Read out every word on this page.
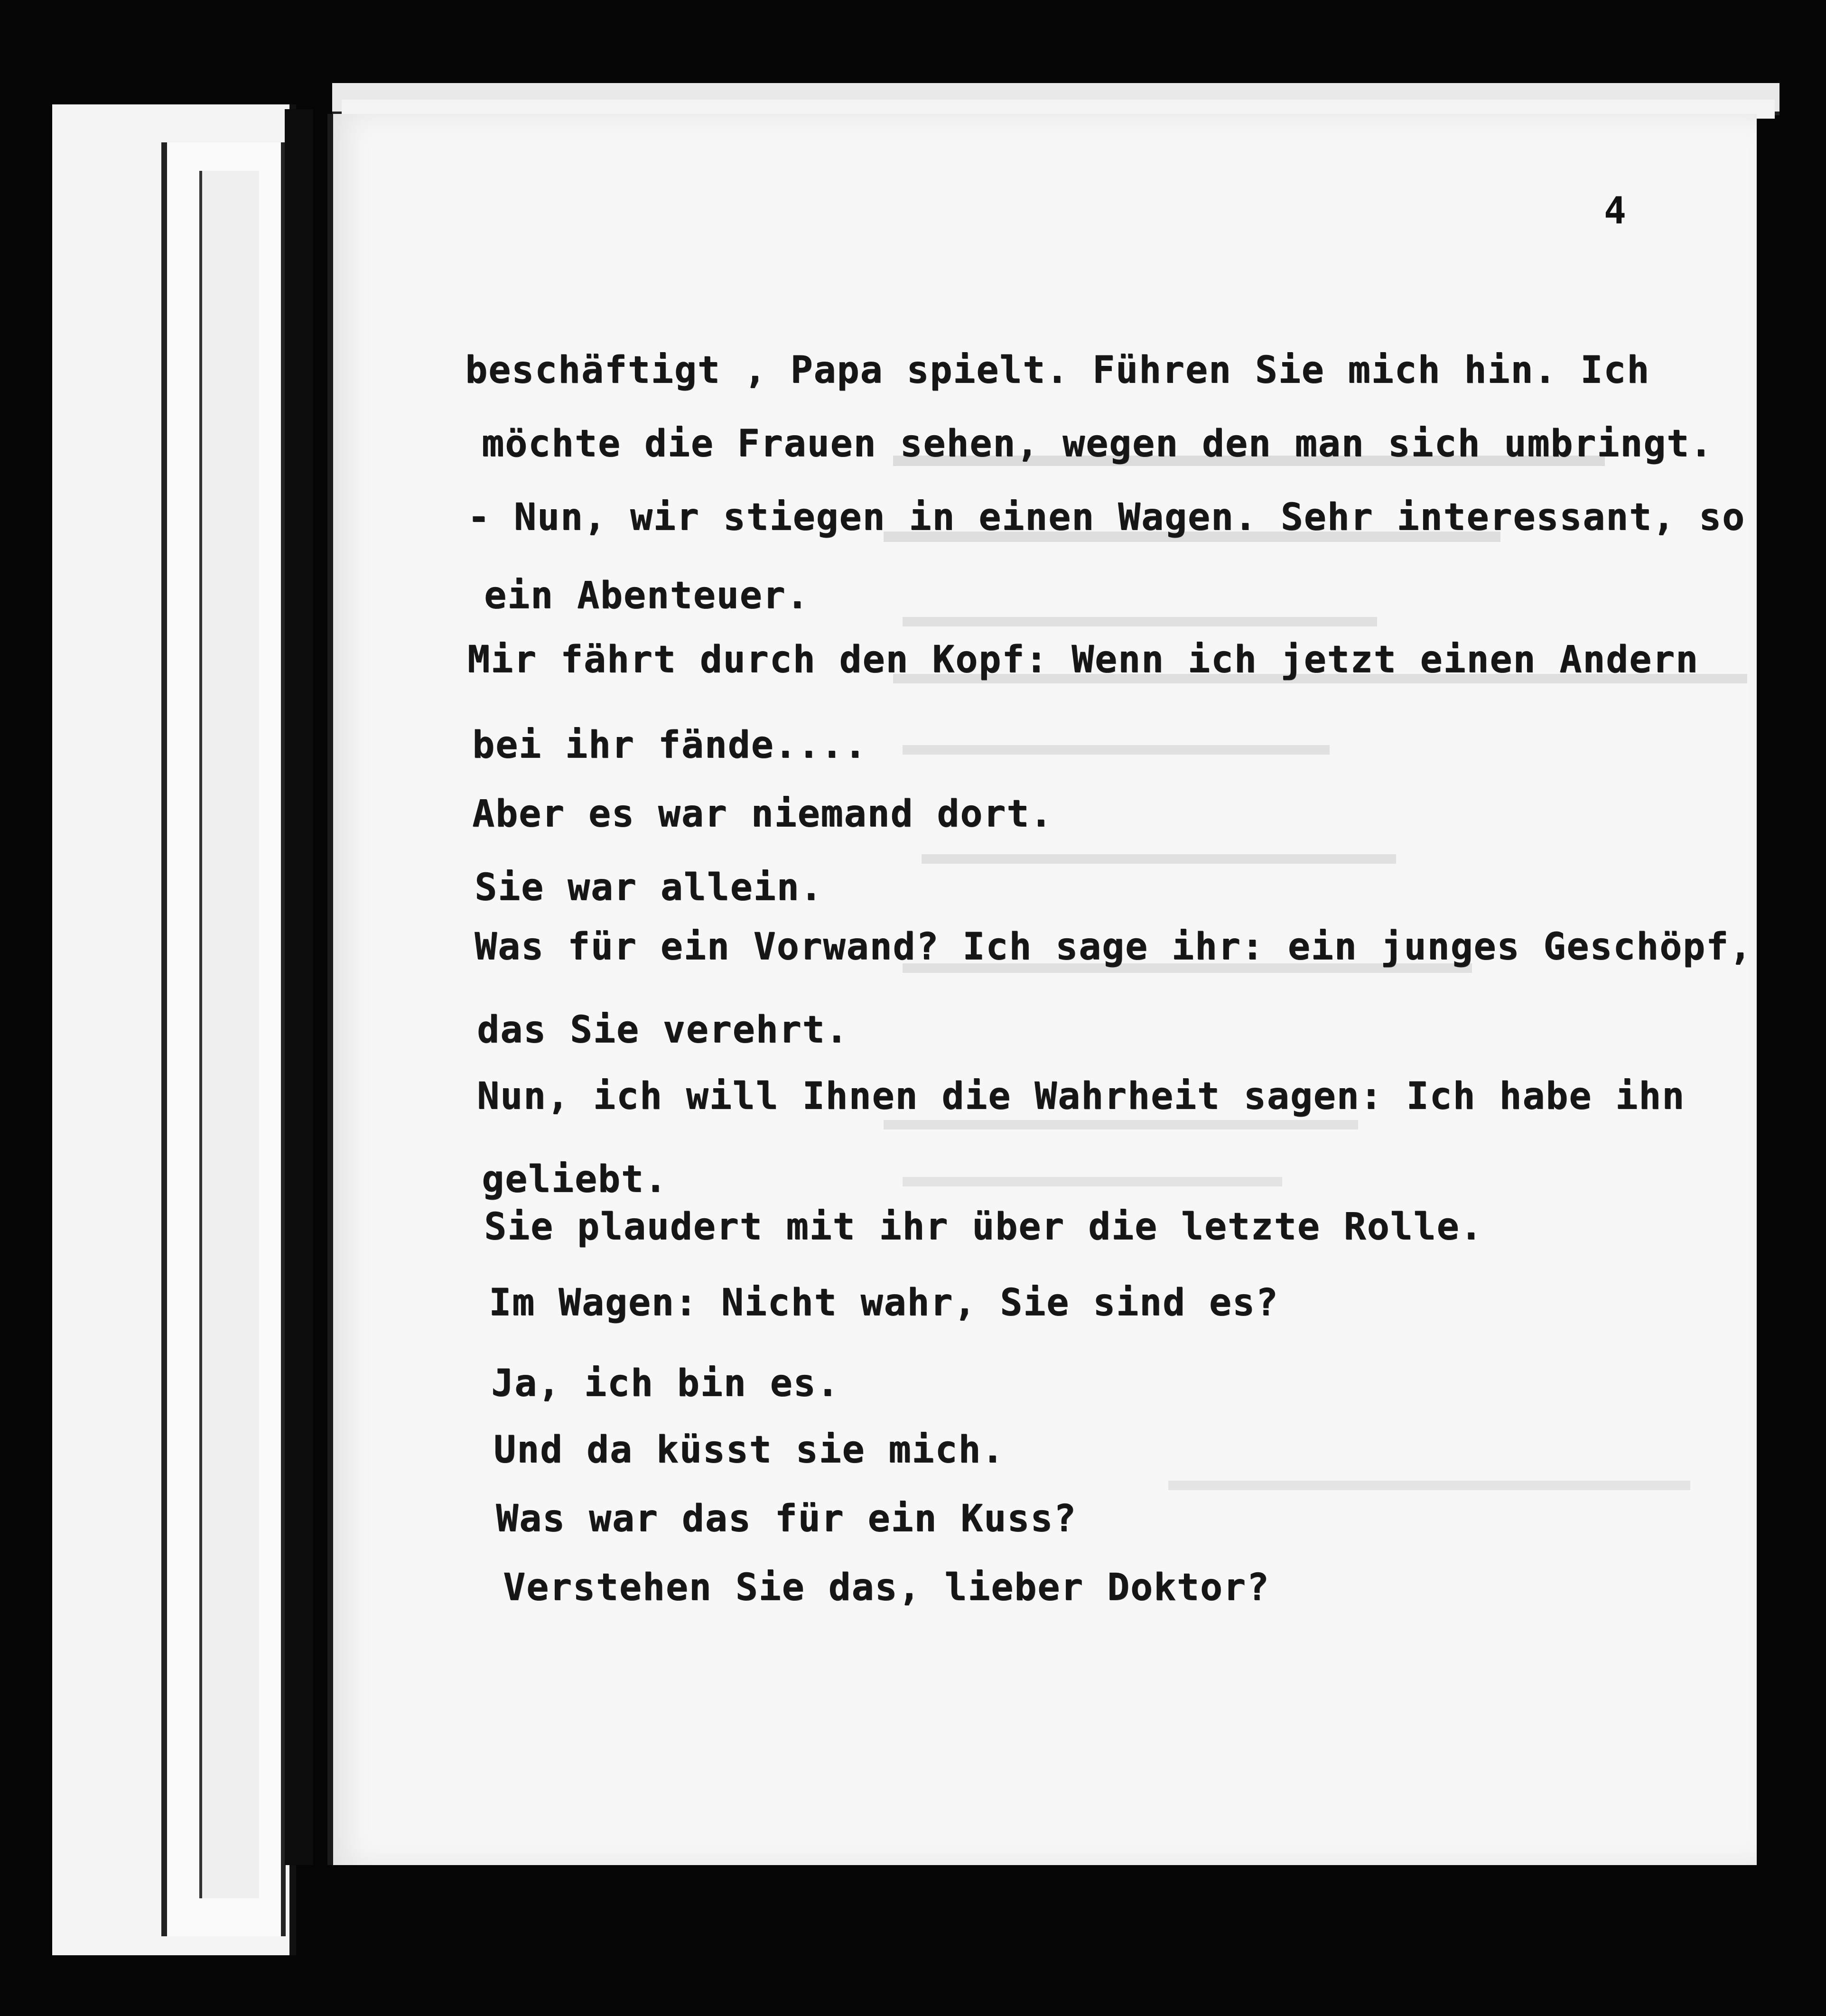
4
beschäftigt , Papa spielt. Führen Sie mich hin. Ich
möchte die Frauen sehen, wegen den man sich umbringt.
- Nun, wir stiegen in einen Wagen. Sehr interessant, so
ein Abenteuer.
Mir fährt durch den Kopf: Wenn ich jetzt einen Andern
bei ihr fände....
Aber es war niemand dort.
Sie war allein.
Was für ein Vorwand? Ich sage ihr: ein junges Geschöpf,
das Sie verehrt.
Nun, ich will Ihnen die Wahrheit sagen: Ich habe ihn
geliebt.
Sie plaudert mit ihr über die letzte Rolle.
Im Wagen: Nicht wahr, Sie sind es?
Ja, ich bin es.
Und da küsst sie mich.
Was war das für ein Kuss?
Verstehen Sie das, lieber Doktor?
